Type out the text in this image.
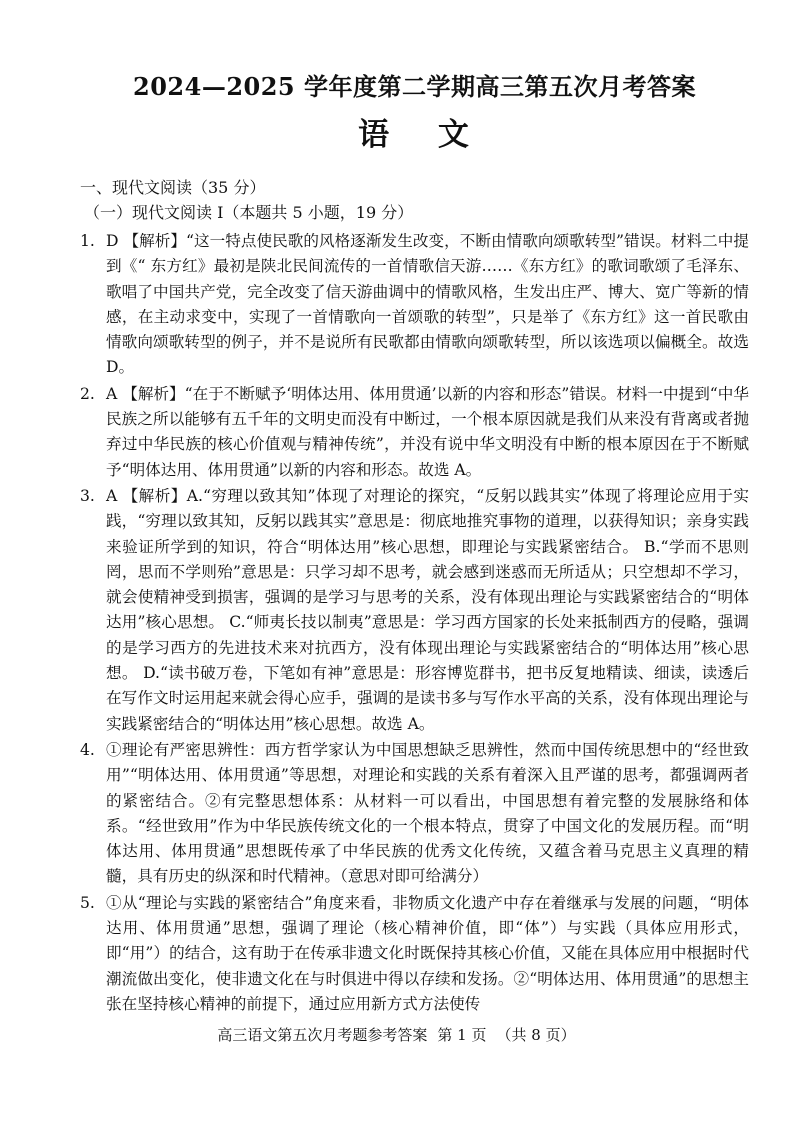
2024—2025 学年度第二学期高三第五次月考答案
语 文
一、现代文阅读（35 分）
（一）现代文阅读 Ⅰ（本题共 5 小题，19 分）
1. D 【解析】“这一特点使民歌的风格逐渐发生改变，不断由情歌向颂歌转型”错误。材料二中提到《“ 东方红》最初是陕北民间流传的一首情歌信天游……《东方红》的歌词歌颂了毛泽东、歌唱了中国共产党，完全改变了信天游曲调中的情歌风格，生发出庄严、博大、宽广等新的情感，在主动求变中，实现了一首情歌向一首颂歌的转型”，只是举了《东方红》这一首民歌由情歌向颂歌转型的例子，并不是说所有民歌都由情歌向颂歌转型，所以该选项以偏概全。故选 D。
2. A 【解析】“在于不断赋予‘明体达用、体用贯通’以新的内容和形态”错误。材料一中提到“中华民族之所以能够有五千年的文明史而没有中断过，一个根本原因就是我们从来没有背离或者抛弃过中华民族的核心价值观与精神传统”，并没有说中华文明没有中断的根本原因在于不断赋予“明体达用、体用贯通”以新的内容和形态。故选 A。
3. A 【解析】A.“穷理以致其知”体现了对理论的探究，“反躬以践其实”体现了将理论应用于实践，“穷理以致其知，反躬以践其实”意思是：彻底地推究事物的道理，以获得知识；亲身实践来验证所学到的知识，符合“明体达用”核心思想，即理论与实践紧密结合。 B.“学而不思则罔，思而不学则殆”意思是：只学习却不思考，就会感到迷惑而无所适从；只空想却不学习，就会使精神受到损害，强调的是学习与思考的关系，没有体现出理论与实践紧密结合的“明体达用”核心思想。 C.“师夷长技以制夷”意思是：学习西方国家的长处来抵制西方的侵略，强调的是学习西方的先进技术来对抗西方，没有体现出理论与实践紧密结合的“明体达用”核心思想。 D.“读书破万卷，下笔如有神”意思是：形容博览群书，把书反复地精读、细读，读透后在写作文时运用起来就会得心应手，强调的是读书多与写作水平高的关系，没有体现出理论与实践紧密结合的“明体达用”核心思想。故选 A。
4. ①理论有严密思辨性：西方哲学家认为中国思想缺乏思辨性，然而中国传统思想中的“经世致用”“明体达用、体用贯通”等思想，对理论和实践的关系有着深入且严谨的思考，都强调两者的紧密结合。②有完整思想体系：从材料一可以看出，中国思想有着完整的发展脉络和体系。“经世致用”作为中华民族传统文化的一个根本特点，贯穿了中国文化的发展历程。而“明体达用、体用贯通”思想既传承了中华民族的优秀文化传统，又蕴含着马克思主义真理的精髓，具有历史的纵深和时代精神。（意思对即可给满分）
5. ①从“理论与实践的紧密结合”角度来看，非物质文化遗产中存在着继承与发展的问题，“明体达用、体用贯通”思想，强调了理论（核心精神价值，即“体”）与实践（具体应用形式，即“用”）的结合，这有助于在传承非遗文化时既保持其核心价值，又能在具体应用中根据时代潮流做出变化，使非遗文化在与时俱进中得以存续和发扬。②“明体达用、体用贯通”的思想主张在坚持核心精神的前提下，通过应用新方式方法使传
高三语文第五次月考题参考答案 第 1 页 （共 8 页）
